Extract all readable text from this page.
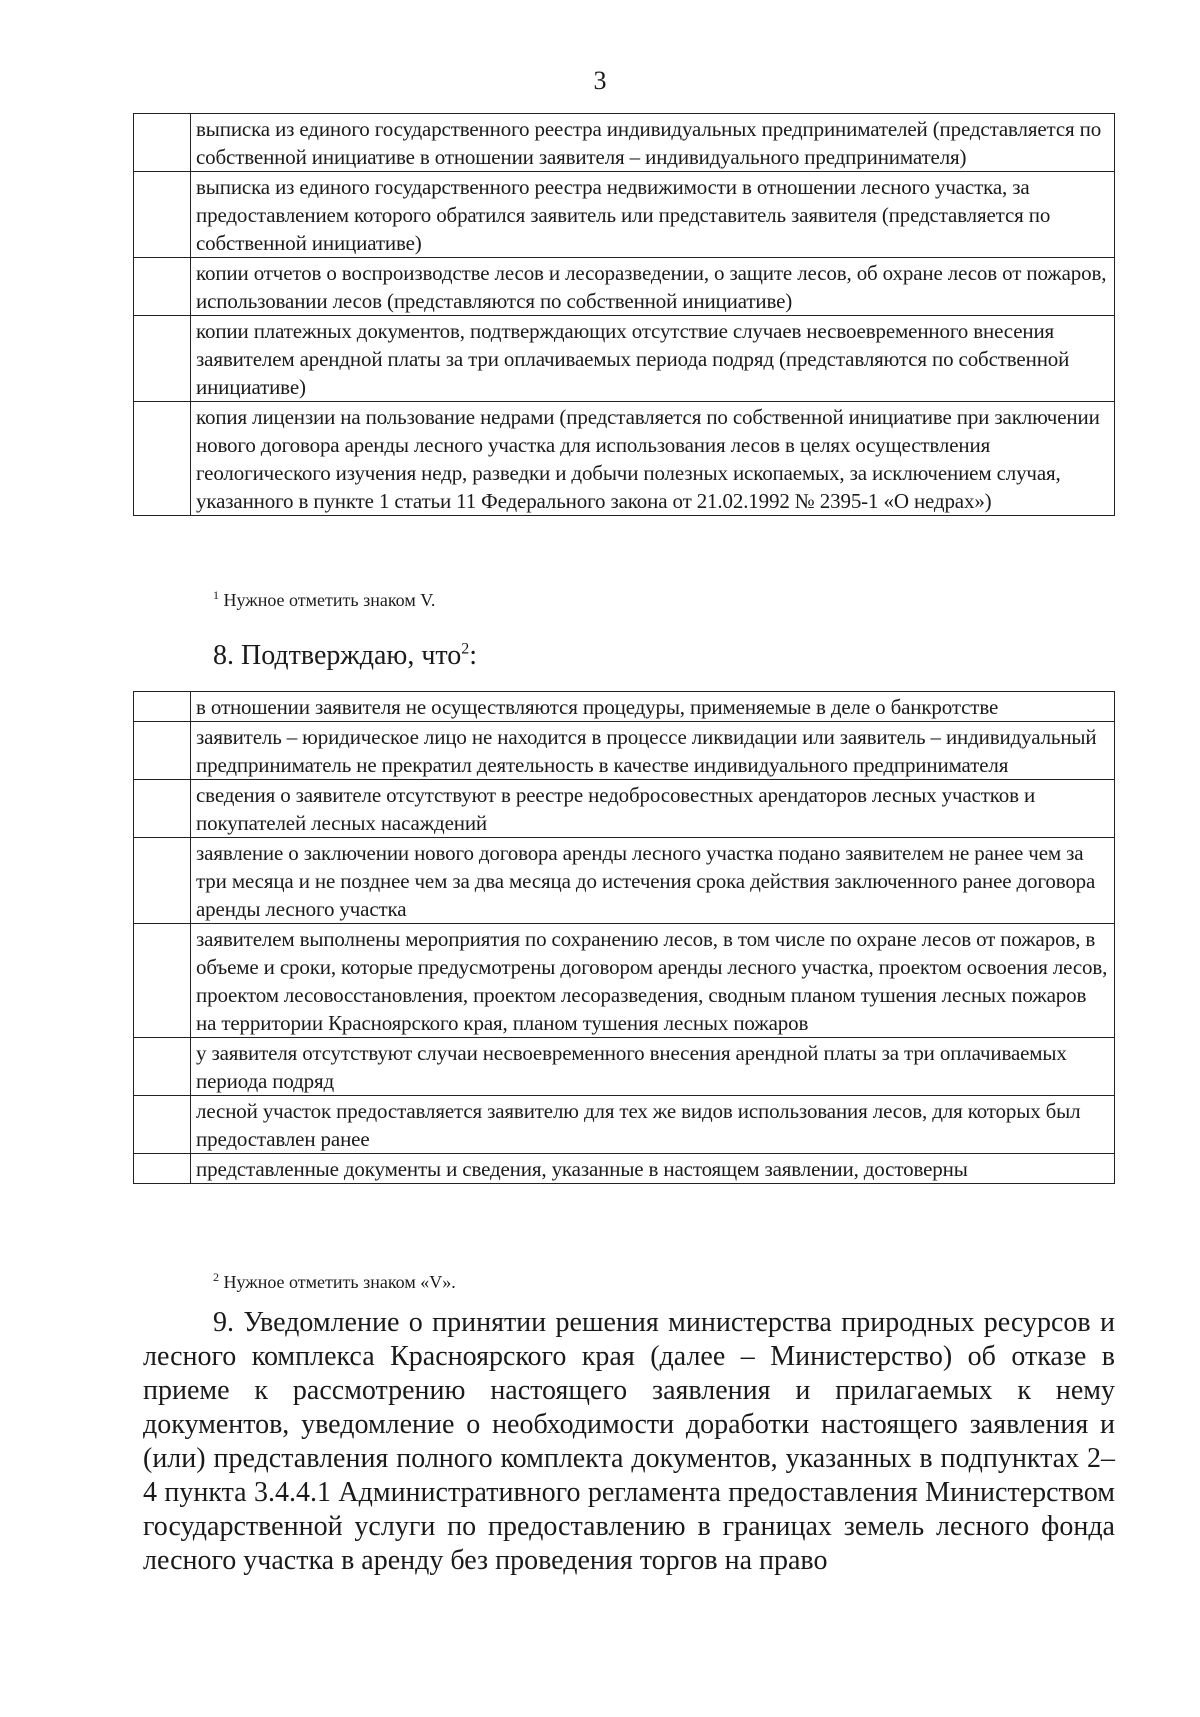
3
	выписка из единого государственного реестра индивидуальных предпринимателей (представляется по собственной инициативе в отношении заявителя – индивидуального предпринимателя)
	выписка из единого государственного реестра недвижимости в отношении лесного участка, за предоставлением которого обратился заявитель или представитель заявителя (представляется по собственной инициативе)
	копии отчетов о воспроизводстве лесов и лесоразведении, о защите лесов, об охране лесов от пожаров, использовании лесов (представляются по собственной инициативе)
	копии платежных документов, подтверждающих отсутствие случаев несвоевременного внесения заявителем арендной платы за три оплачиваемых периода подряд (представляются по собственной инициативе)
	копия лицензии на пользование недрами (представляется по собственной инициативе при заключении нового договора аренды лесного участка для использования лесов в целях осуществления геологического изучения недр, разведки и добычи полезных ископаемых, за исключением случая, указанного в пункте 1 статьи 11 Федерального закона от 21.02.1992 № 2395-1 «О недрах»)
$^1$ Нужное отметить знаком V.
8. Подтверждаю, что$^2$:
	в отношении заявителя не осуществляются процедуры, применяемые в деле о банкротстве
	заявитель – юридическое лицо не находится в процессе ликвидации или заявитель – индивидуальный предприниматель не прекратил деятельность в качестве индивидуального предпринимателя
	сведения о заявителе отсутствуют в реестре недобросовестных арендаторов лесных участков и покупателей лесных насаждений
	заявление о заключении нового договора аренды лесного участка подано заявителем не ранее чем за три месяца и не позднее чем за два месяца до истечения срока действия заключенного ранее договора аренды лесного участка
	заявителем выполнены мероприятия по сохранению лесов, в том числе по охране лесов от пожаров, в объеме и сроки, которые предусмотрены договором аренды лесного участка, проектом освоения лесов, проектом лесовосстановления, проектом лесоразведения, сводным планом тушения лесных пожаров на территории Красноярского края, планом тушения лесных пожаров
	у заявителя отсутствуют случаи несвоевременного внесения арендной платы за три оплачиваемых периода подряд
	лесной участок предоставляется заявителю для тех же видов использования лесов, для которых был предоставлен ранее
	представленные документы и сведения, указанные в настоящем заявлении, достоверны
$^2$ Нужное отметить знаком «V».
9. Уведомление о принятии решения министерства природных ресурсов и лесного комплекса Красноярского края (далее – Министерство) об отказе в приеме к рассмотрению настоящего заявления и прилагаемых к нему документов, уведомление о необходимости доработки настоящего заявления и (или) представления полного комплекта документов, указанных в подпунктах 2–4 пункта 3.4.4.1 Административного регламента предоставления Министерством государственной услуги по предоставлению в границах земель лесного фонда лесного участка в аренду без проведения торгов на право
